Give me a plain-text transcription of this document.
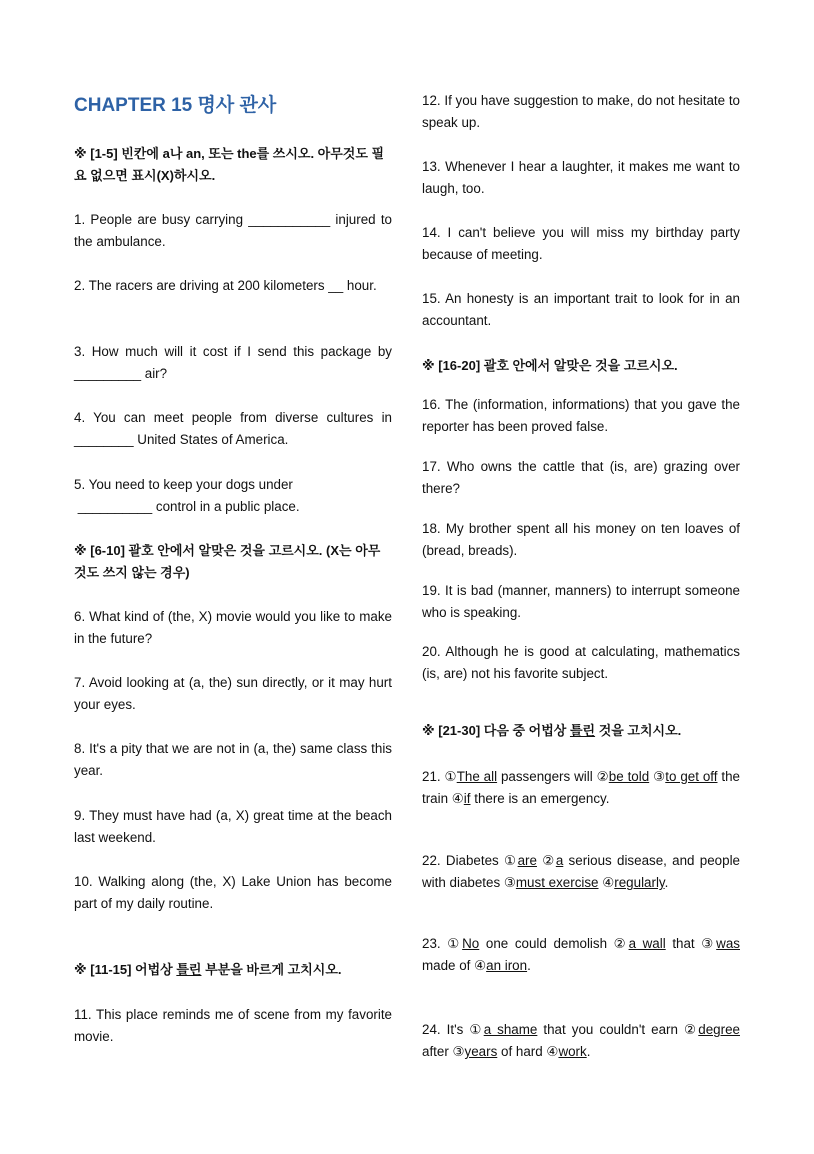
CHAPTER 15 명사 관사
※ [1-5] 빈칸에 a나 an, 또는 the를 쓰시오. 아무것도 필요 없으면 표시(X)하시오.
1. People are busy carrying ___________ injured to the ambulance.
2. The racers are driving at 200 kilometers __ hour.
3. How much will it cost if I send this package by _________ air?
4. You can meet people from diverse cultures in ________ United States of America.
5. You need to keep your dogs under
__________ control in a public place.
※ [6-10] 괄호 안에서 알맞은 것을 고르시오. (X는 아무 것도 쓰지 않는 경우)
6. What kind of (the, X) movie would you like to make in the future?
7. Avoid looking at (a, the) sun directly, or it may hurt your eyes.
8. It's a pity that we are not in (a, the) same class this year.
9. They must have had (a, X) great time at the beach last weekend.
10. Walking along (the, X) Lake Union has become part of my daily routine.
※ [11-15] 어법상 틀린 부분을 바르게 고치시오.
11. This place reminds me of scene from my favorite movie.
12. If you have suggestion to make, do not hesitate to speak up.
13. Whenever I hear a laughter, it makes me want to laugh, too.
14. I can't believe you will miss my birthday party because of meeting.
15. An honesty is an important trait to look for in an accountant.
※ [16-20] 괄호 안에서 알맞은 것을 고르시오.
16. The (information, informations) that you gave the reporter has been proved false.
17. Who owns the cattle that (is, are) grazing over there?
18. My brother spent all his money on ten loaves of (bread, breads).
19. It is bad (manner, manners) to interrupt someone who is speaking.
20. Although he is good at calculating, mathematics (is, are) not his favorite subject.
※ [21-30] 다음 중 어법상 틀린 것을 고치시오.
21. ①The all passengers will ②be told ③to get off the train ④if there is an emergency.
22. Diabetes ①are ②a serious disease, and people with diabetes ③must exercise ④regularly.
23. ①No one could demolish ②a wall that ③was made of ④an iron.
24. It's ①a shame that you couldn't earn ②degree after ③years of hard ④work.
